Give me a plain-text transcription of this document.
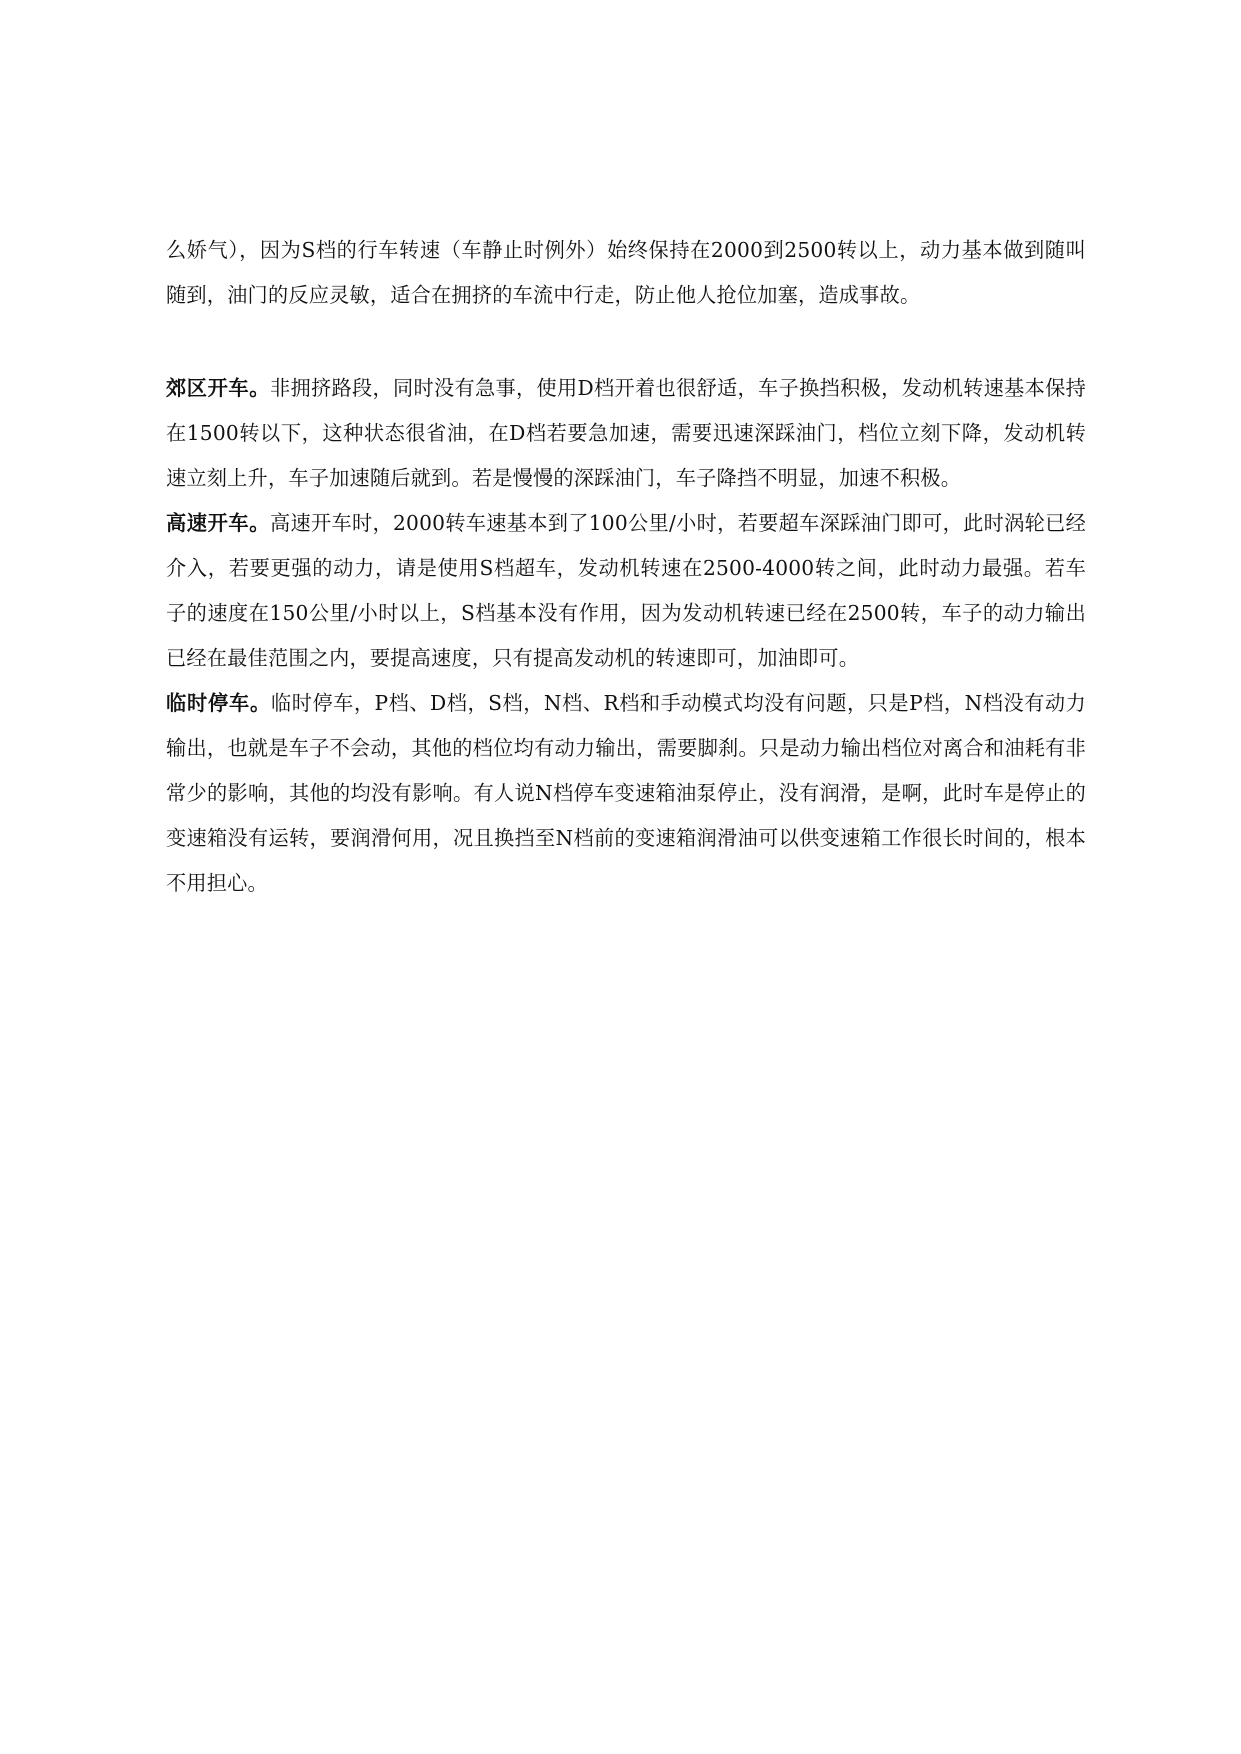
么娇气），因为S档的行车转速（车静止时例外）始终保持在2000到2500转以上，动力基本做到随叫随到，油门的反应灵敏，适合在拥挤的车流中行走，防止他人抢位加塞，造成事故。

郊区开车。非拥挤路段，同时没有急事，使用D档开着也很舒适，车子换挡积极，发动机转速基本保持在1500转以下，这种状态很省油，在D档若要急加速，需要迅速深踩油门，档位立刻下降，发动机转速立刻上升，车子加速随后就到。若是慢慢的深踩油门，车子降挡不明显，加速不积极。

高速开车。高速开车时，2000转车速基本到了100公里/小时，若要超车深踩油门即可，此时涡轮已经介入，若要更强的动力，请是使用S档超车，发动机转速在2500-4000转之间，此时动力最强。若车子的速度在150公里/小时以上，S档基本没有作用，因为发动机转速已经在2500转，车子的动力输出已经在最佳范围之内，要提高速度，只有提高发动机的转速即可，加油即可。

临时停车。临时停车，P档、D档，S档，N档、R档和手动模式均没有问题，只是P档，N档没有动力输出，也就是车子不会动，其他的档位均有动力输出，需要脚刹。只是动力输出档位对离合和油耗有非常少的影响，其他的均没有影响。有人说N档停车变速箱油泵停止，没有润滑，是啊，此时车是停止的变速箱没有运转，要润滑何用，况且换挡至N档前的变速箱润滑油可以供变速箱工作很长时间的，根本不用担心。
